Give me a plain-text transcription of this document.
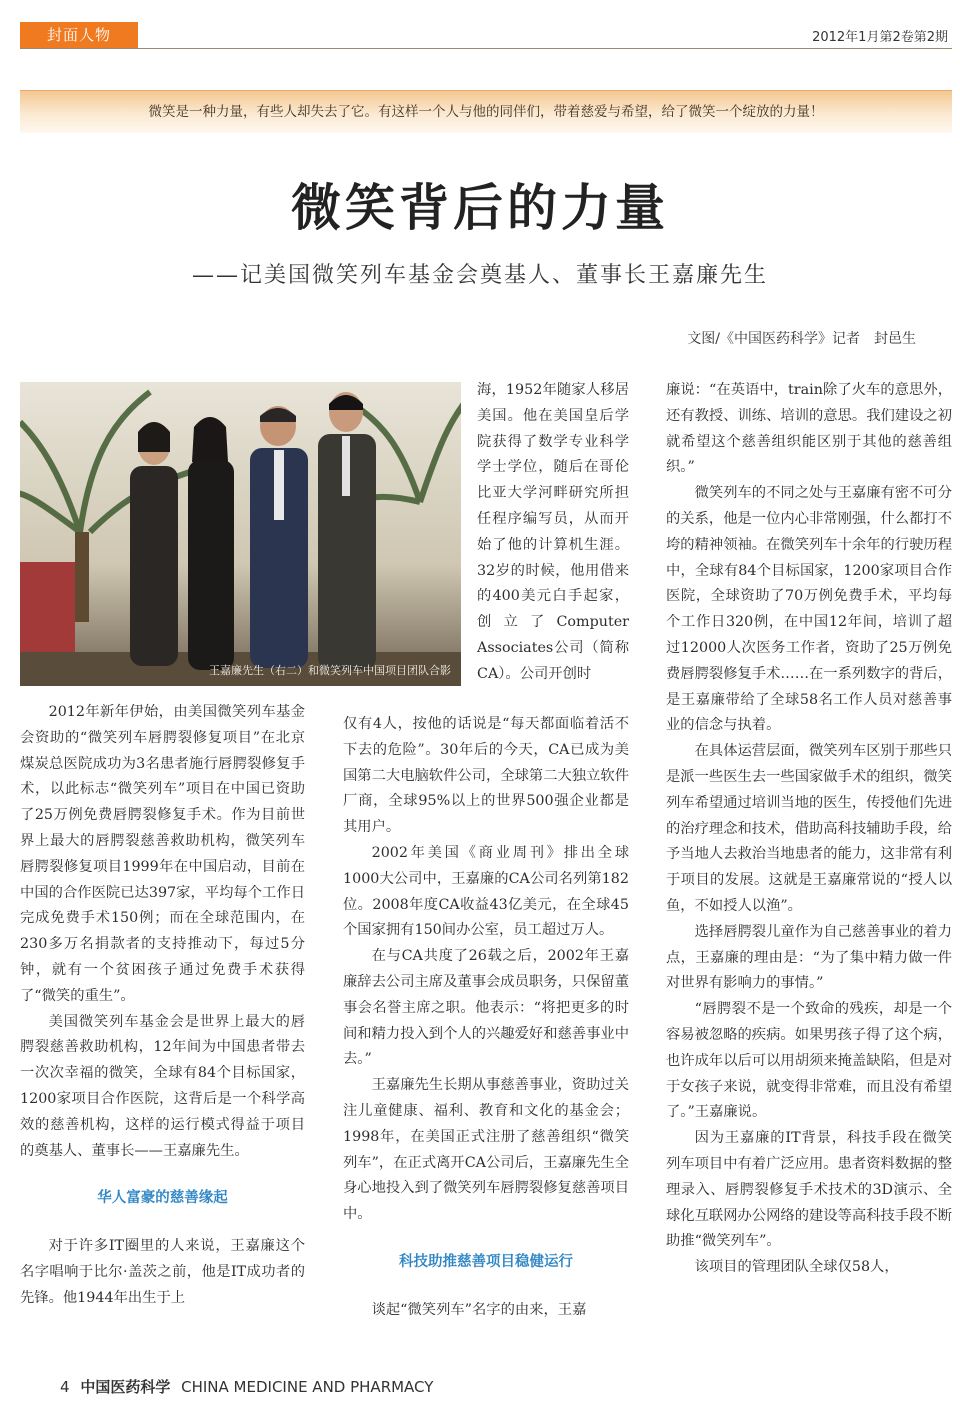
封面人物	2012年1月第2卷第2期
微笑是一种力量，有些人却失去了它。有这样一个人与他的同伴们，带着慈爱与希望，给了微笑一个绽放的力量！
微笑背后的力量
——记美国微笑列车基金会奠基人、董事长王嘉廉先生
文图/《中国医药科学》记者　封邑生
王嘉廉先生（右二）和微笑列车中国项目团队合影

2012年新年伊始，由美国微笑列车基金会资助的“微笑列车唇腭裂修复项目”在北京煤炭总医院成功为3名患者施行唇腭裂修复手术，以此标志“微笑列车”项目在中国已资助了25万例免费唇腭裂修复手术。作为目前世界上最大的唇腭裂慈善救助机构，微笑列车唇腭裂修复项目1999年在中国启动，目前在中国的合作医院已达397家，平均每个工作日完成免费手术150例；而在全球范围内，在230多万名捐款者的支持推动下，每过5分钟，就有一个贫困孩子通过免费手术获得了“微笑的重生”。

美国微笑列车基金会是世界上最大的唇腭裂慈善救助机构，12年间为中国患者带去一次次幸福的微笑，全球有84个目标国家，1200家项目合作医院，这背后是一个科学高效的慈善机构，这样的运行模式得益于项目的奠基人、董事长——王嘉廉先生。

华人富豪的慈善缘起

对于许多IT圈里的人来说，王嘉廉这个名字唱响于比尔·盖茨之前，他是IT成功者的先锋。他1944年出生于上

海，1952年随家人移居美国。他在美国皇后学院获得了数学专业科学学士学位，随后在哥伦比亚大学河畔研究所担任程序编写员，从而开始了他的计算机生涯。32岁的时候，他用借来的400美元白手起家，创立了Computer Associates公司（简称CA）。公司开创时

仅有4人，按他的话说是“每天都面临着活不下去的危险”。30年后的今天，CA已成为美国第二大电脑软件公司，全球第二大独立软件厂商，全球95%以上的世界500强企业都是其用户。

2002年美国《商业周刊》排出全球1000大公司中，王嘉廉的CA公司名列第182位。2008年度CA收益43亿美元，在全球45个国家拥有150间办公室，员工超过万人。

在与CA共度了26载之后，2002年王嘉廉辞去公司主席及董事会成员职务，只保留董事会名誉主席之职。他表示：“将把更多的时间和精力投入到个人的兴趣爱好和慈善事业中去。”

王嘉廉先生长期从事慈善事业，资助过关注儿童健康、福利、教育和文化的基金会；1998年，在美国正式注册了慈善组织“微笑列车”，在正式离开CA公司后，王嘉廉先生全身心地投入到了微笑列车唇腭裂修复慈善项目中。

科技助推慈善项目稳健运行

谈起“微笑列车”名字的由来，王嘉

廉说：“在英语中，train除了火车的意思外，还有教授、训练、培训的意思。我们建设之初就希望这个慈善组织能区别于其他的慈善组织。”

微笑列车的不同之处与王嘉廉有密不可分的关系，他是一位内心非常刚强，什么都打不垮的精神领袖。在微笑列车十余年的行驶历程中，全球有84个目标国家，1200家项目合作医院，全球资助了70万例免费手术，平均每个工作日320例，在中国12年间，培训了超过12000人次医务工作者，资助了25万例免费唇腭裂修复手术……在一系列数字的背后，是王嘉廉带给了全球58名工作人员对慈善事业的信念与执着。

在具体运营层面，微笑列车区别于那些只是派一些医生去一些国家做手术的组织，微笑列车希望通过培训当地的医生，传授他们先进的治疗理念和技术，借助高科技辅助手段，给予当地人去救治当地患者的能力，这非常有利于项目的发展。这就是王嘉廉常说的“授人以鱼，不如授人以渔”。

选择唇腭裂儿童作为自己慈善事业的着力点，王嘉廉的理由是：“为了集中精力做一件对世界有影响力的事情。”

“唇腭裂不是一个致命的残疾，却是一个容易被忽略的疾病。如果男孩子得了这个病，也许成年以后可以用胡须来掩盖缺陷，但是对于女孩子来说，就变得非常难，而且没有希望了。”王嘉廉说。

因为王嘉廉的IT背景，科技手段在微笑列车项目中有着广泛应用。患者资料数据的整理录入、唇腭裂修复手术技术的3D演示、全球化互联网办公网络的建设等高科技手段不断助推“微笑列车”。

该项目的管理团队全球仅58人，

4 中国医药科学 CHINA MEDICINE AND PHARMACY
